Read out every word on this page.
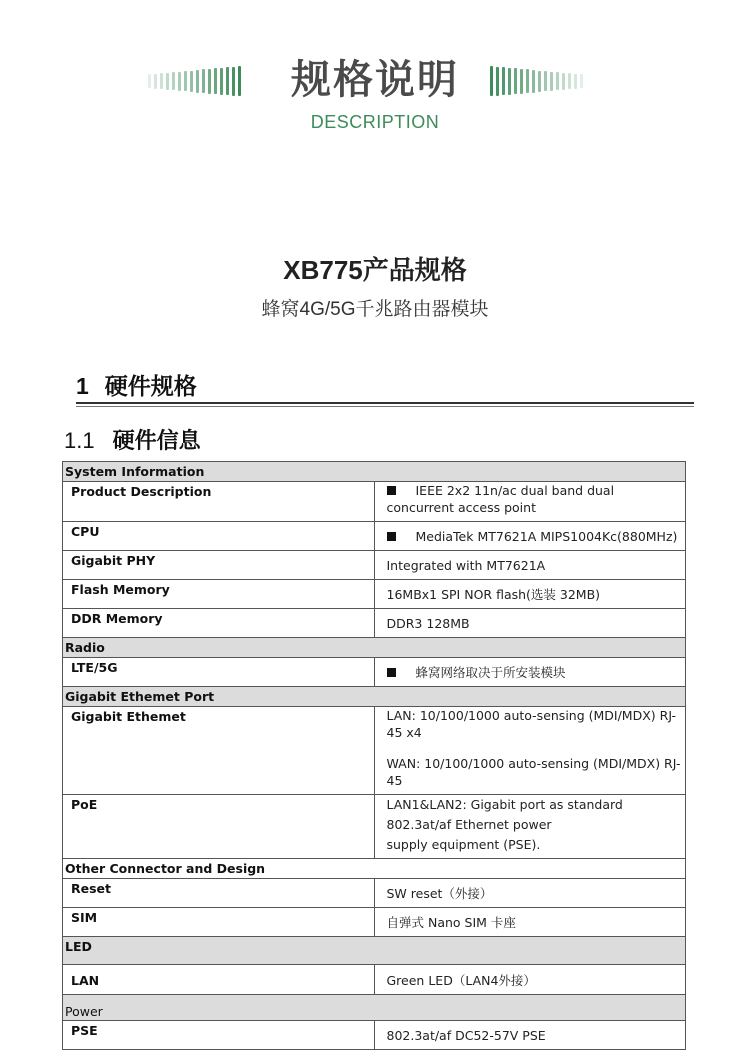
规格说明
DESCRIPTION
XB775产品规格
蜂窝4G/5G千兆路由器模块
1 硬件规格
1.1 硬件信息
System Information	
Product Description	IEEE 2x2 11n/ac dual band dual concurrent access point
CPU	MediaTek MT7621A MIPS1004Kc(880MHz)
Gigabit PHY	Integrated with MT7621A
Flash Memory	16MBx1 SPI NOR flash(选装 32MB)
DDR Memory	DDR3 128MB
Radio	
LTE/5G	蜂窝网络取决于所安装模块
Gigabit Ethemet Port	
Gigabit Ethemet	LAN: 10/100/1000 auto-sensing (MDI/MDX) RJ-45 x4
WAN: 10/100/1000 auto-sensing (MDI/MDX) RJ-45

PoE	LAN1&LAN2: Gigabit port as standard 802.3at/af Ethernet power
supply equipment (PSE).

Other Connector and Design	
Reset	SW reset（外接）
SIM	自弹式 Nano SIM 卡座
LED	
LAN	Green LED（LAN4外接）
Power	
PSE	802.3at/af DC52-57V PSE
